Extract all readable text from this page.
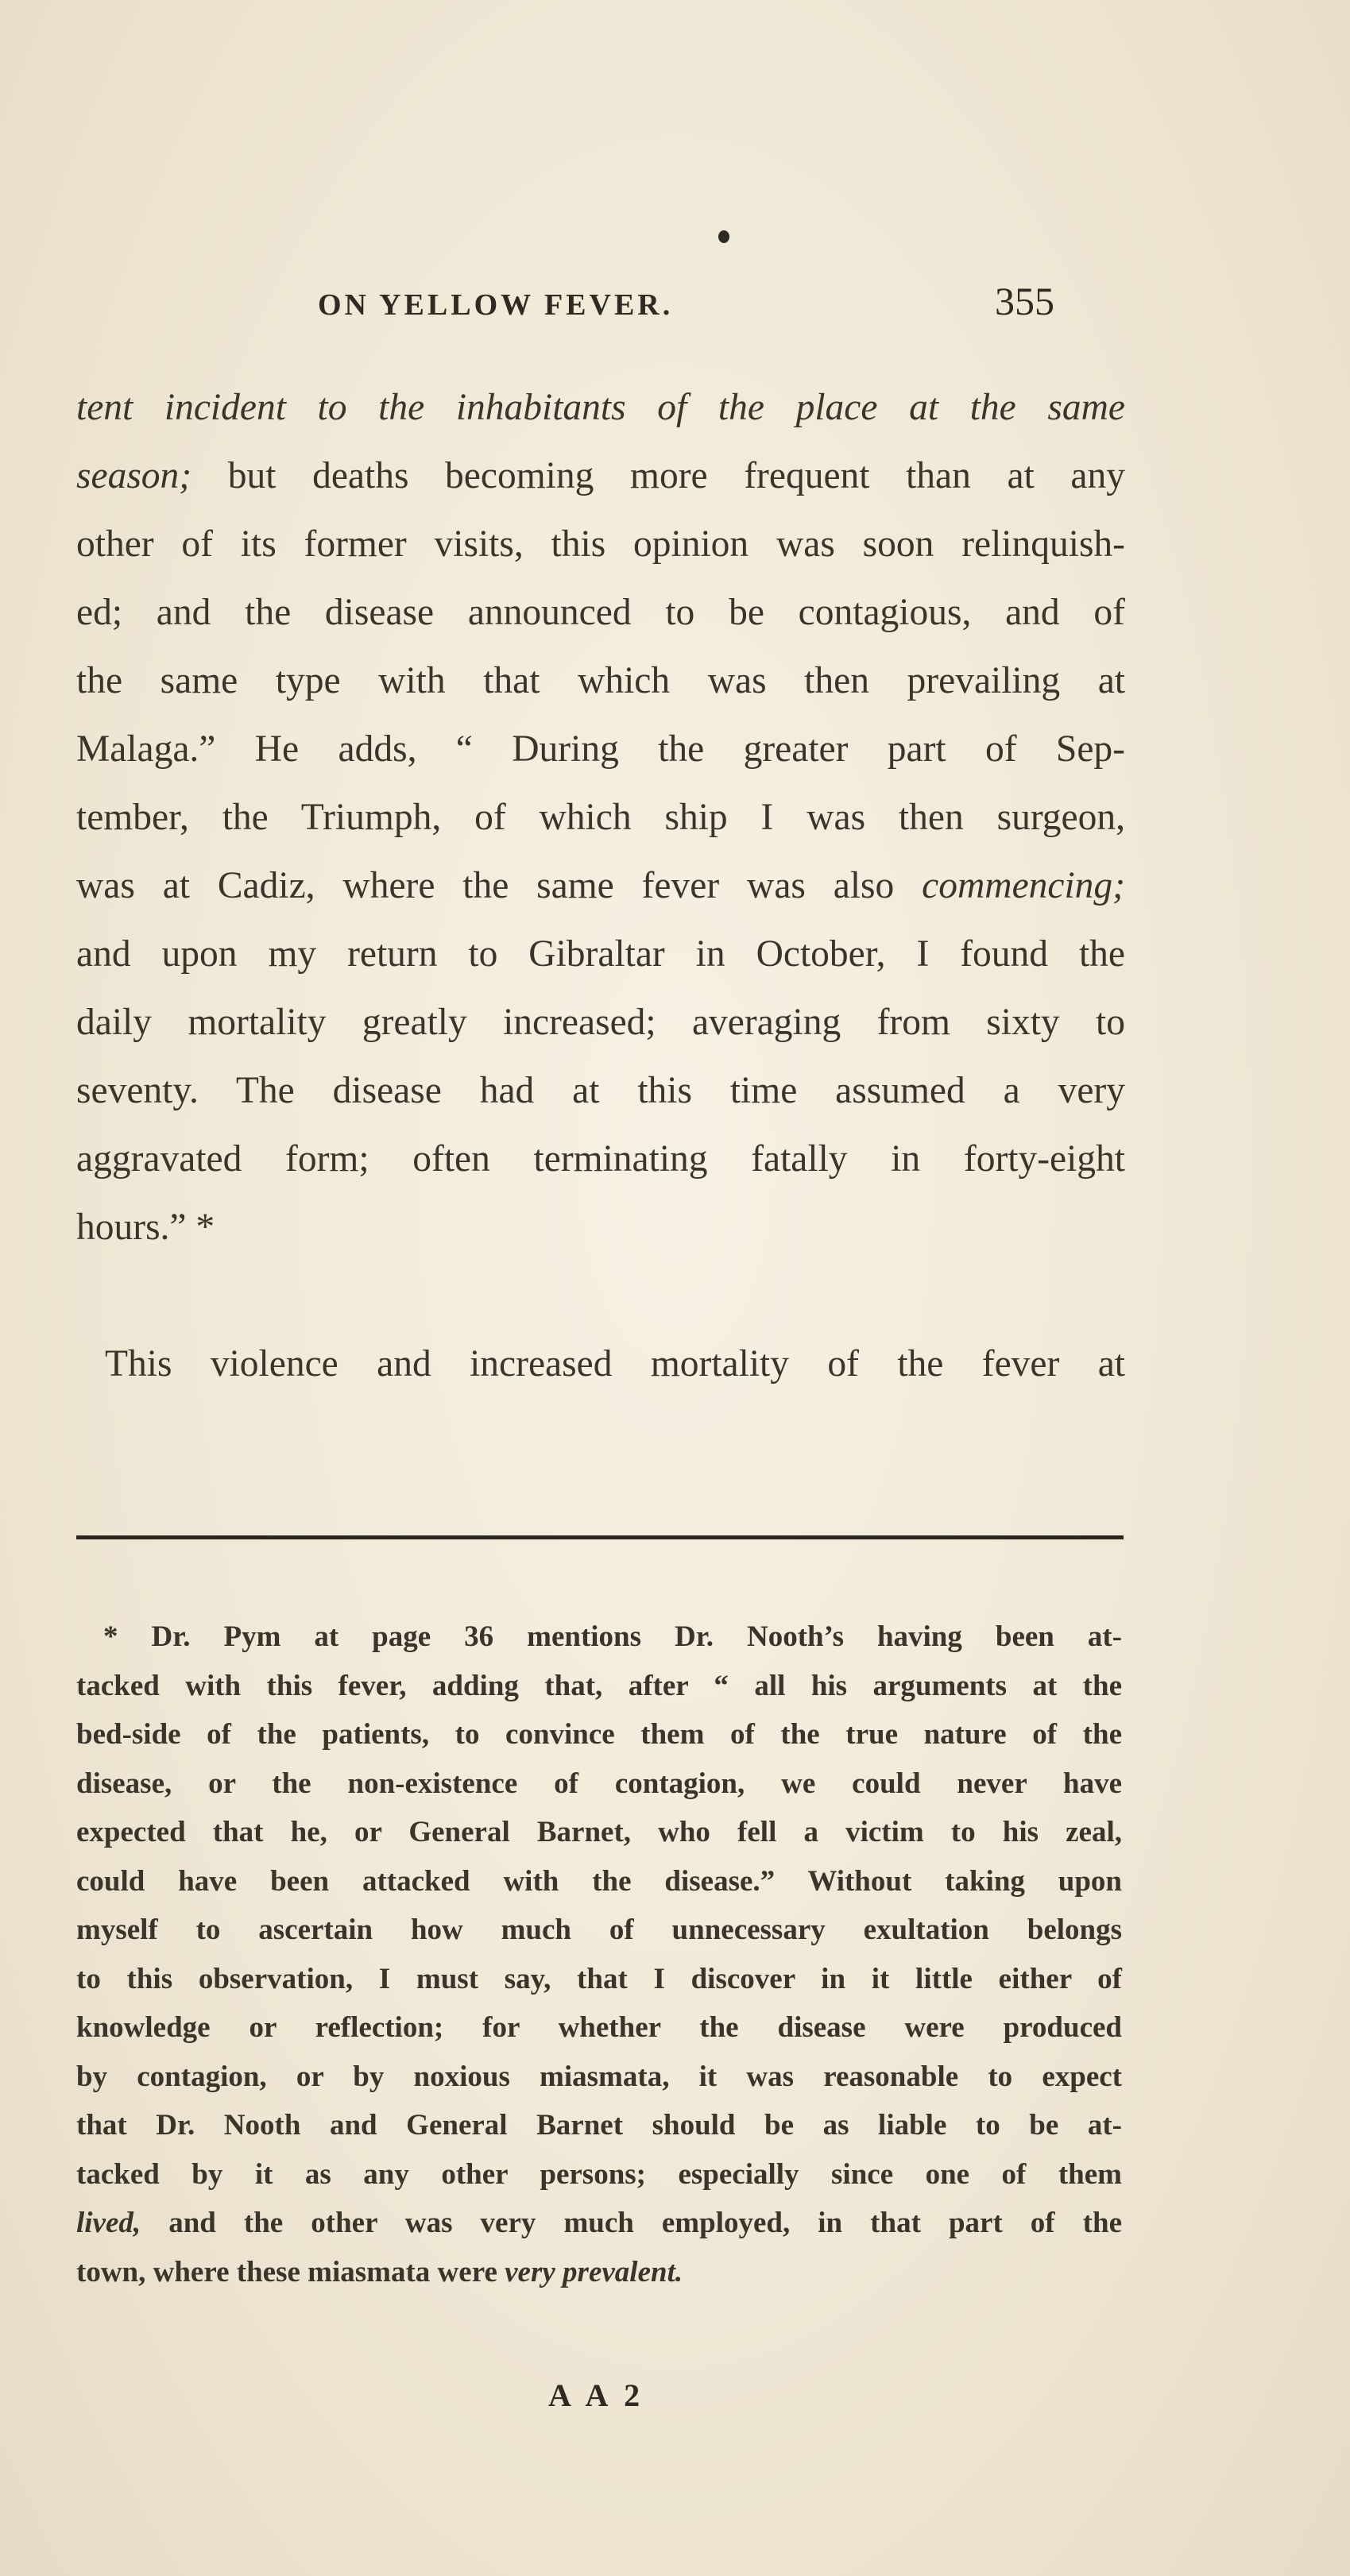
ON YELLOW FEVER.	355
tent incident to the inhabitants of the place at the same
season; but deaths becoming more frequent than at any
other of its former visits, this opinion was soon relinquish-
ed; and the disease announced to be contagious, and of
the same type with that which was then prevailing at
Malaga.” He adds, “ During the greater part of Sep-
tember, the Triumph, of which ship I was then surgeon,
was at Cadiz, where the same fever was also commencing;
and upon my return to Gibraltar in October, I found the
daily mortality greatly increased; averaging from sixty to
seventy. The disease had at this time assumed a very
aggravated form; often terminating fatally in forty-eight
hours.” *
This violence and increased mortality of the fever at
* Dr. Pym at page 36 mentions Dr. Nooth’s having been at-
tacked with this fever, adding that, after “ all his arguments at the
bed-side of the patients, to convince them of the true nature of the
disease, or the non-existence of contagion, we could never have
expected that he, or General Barnet, who fell a victim to his zeal,
could have been attacked with the disease.” Without taking upon
myself to ascertain how much of unnecessary exultation belongs
to this observation, I must say, that I discover in it little either of
knowledge or reflection; for whether the disease were produced
by contagion, or by noxious miasmata, it was reasonable to expect
that Dr. Nooth and General Barnet should be as liable to be at-
tacked by it as any other persons; especially since one of them
lived, and the other was very much employed, in that part of the
town, where these miasmata were very prevalent.
A A 2
